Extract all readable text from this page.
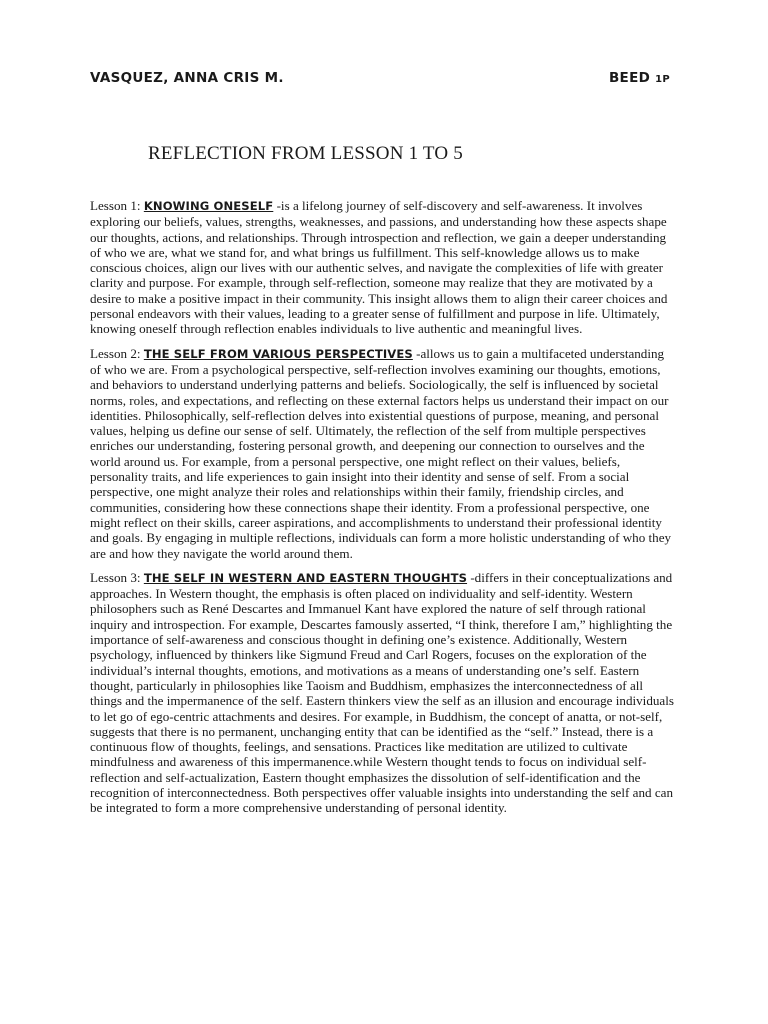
VASQUEZ, ANNA CRIS M.	BEED 1P
REFLECTION FROM LESSON 1 TO 5

Lesson 1: KNOWING ONESELF -is a lifelong journey of self-discovery and self-awareness. It involves exploring our beliefs, values, strengths, weaknesses, and passions, and understanding how these aspects shape our thoughts, actions, and relationships. Through introspection and reflection, we gain a deeper understanding of who we are, what we stand for, and what brings us fulfillment. This self-knowledge allows us to make conscious choices, align our lives with our authentic selves, and navigate the complexities of life with greater clarity and purpose. For example, through self-reflection, someone may realize that they are motivated by a desire to make a positive impact in their community. This insight allows them to align their career choices and personal endeavors with their values, leading to a greater sense of fulfillment and purpose in life. Ultimately, knowing oneself through reflection enables individuals to live authentic and meaningful lives.

Lesson 2: THE SELF FROM VARIOUS PERSPECTIVES -allows us to gain a multifaceted understanding of who we are. From a psychological perspective, self-reflection involves examining our thoughts, emotions, and behaviors to understand underlying patterns and beliefs. Sociologically, the self is influenced by societal norms, roles, and expectations, and reflecting on these external factors helps us understand their impact on our identities. Philosophically, self-reflection delves into existential questions of purpose, meaning, and personal values, helping us define our sense of self. Ultimately, the reflection of the self from multiple perspectives enriches our understanding, fostering personal growth, and deepening our connection to ourselves and the world around us. For example, from a personal perspective, one might reflect on their values, beliefs, personality traits, and life experiences to gain insight into their identity and sense of self. From a social perspective, one might analyze their roles and relationships within their family, friendship circles, and communities, considering how these connections shape their identity. From a professional perspective, one might reflect on their skills, career aspirations, and accomplishments to understand their professional identity and goals. By engaging in multiple reflections, individuals can form a more holistic understanding of who they are and how they navigate the world around them.

Lesson 3: THE SELF IN WESTERN AND EASTERN THOUGHTS -differs in their conceptualizations and approaches. In Western thought, the emphasis is often placed on individuality and self-identity. Western philosophers such as René Descartes and Immanuel Kant have explored the nature of self through rational inquiry and introspection. For example, Descartes famously asserted, “I think, therefore I am,” highlighting the importance of self-awareness and conscious thought in defining one’s existence. Additionally, Western psychology, influenced by thinkers like Sigmund Freud and Carl Rogers, focuses on the exploration of the individual’s internal thoughts, emotions, and motivations as a means of understanding one’s self. Eastern thought, particularly in philosophies like Taoism and Buddhism, emphasizes the interconnectedness of all things and the impermanence of the self. Eastern thinkers view the self as an illusion and encourage individuals to let go of ego-centric attachments and desires. For example, in Buddhism, the concept of anatta, or not-self, suggests that there is no permanent, unchanging entity that can be identified as the “self.” Instead, there is a continuous flow of thoughts, feelings, and sensations. Practices like meditation are utilized to cultivate mindfulness and awareness of this impermanence.while Western thought tends to focus on individual self-reflection and self-actualization, Eastern thought emphasizes the dissolution of self-identification and the recognition of interconnectedness. Both perspectives offer valuable insights into understanding the self and can be integrated to form a more comprehensive understanding of personal identity.
